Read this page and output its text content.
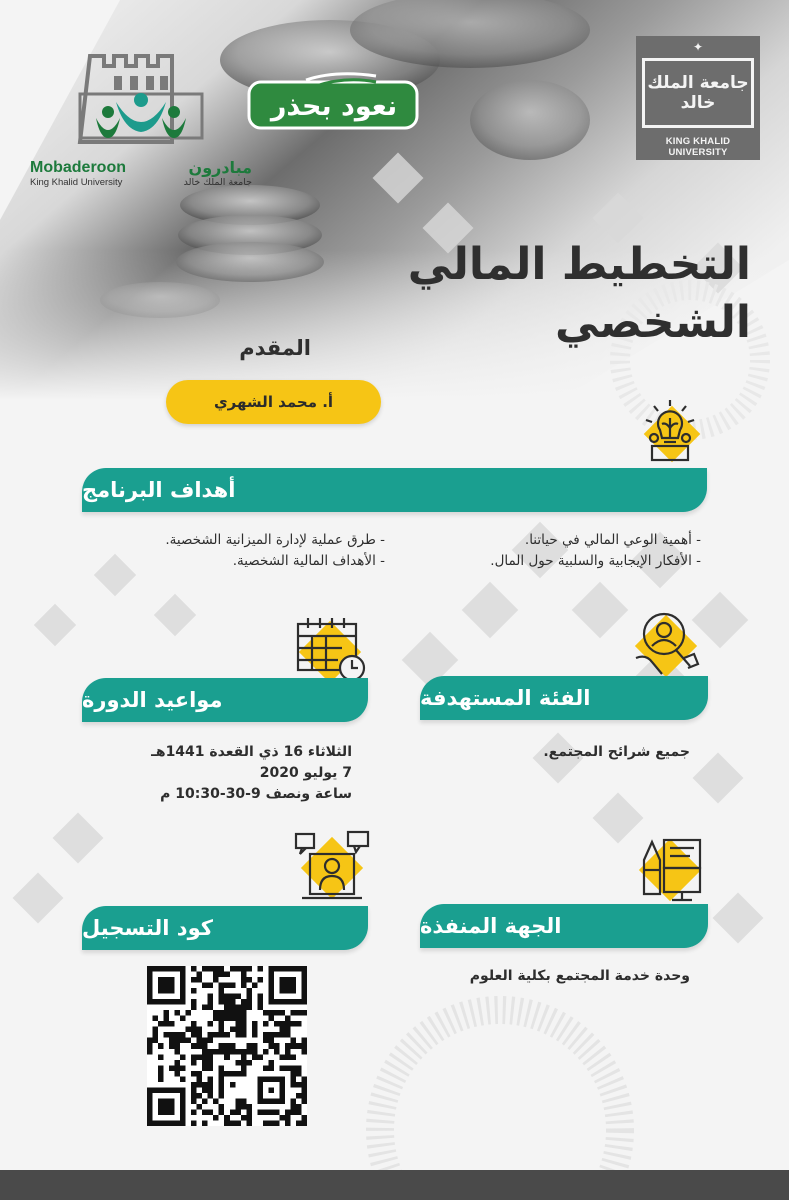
Mobaderoon	مبادرون
King Khalid University	جامعة الملك خالد
نعود بحذر
✦
جامعة الملك خالد
KING KHALID UNIVERSITY
التخطيط المالي
الشخصي
المقدم
أ. محمد الشهري
أهداف البرنامج
- أهمية الوعي المالي في حياتنا.
- الأفكار الإيجابية والسلبية حول المال.
- طرق عملية لإدارة الميزانية الشخصية.
- الأهداف المالية الشخصية.
مواعيد الدورة	الفئة المستهدفة
الثلاثاء 16 ذي القعدة 1441هـ
7 يوليو 2020
ساعة ونصف 9-30-10:30 م
جميع شرائح المجتمع.
كود التسجيل	الجهة المنفذة
وحدة خدمة المجتمع بكلية العلوم
